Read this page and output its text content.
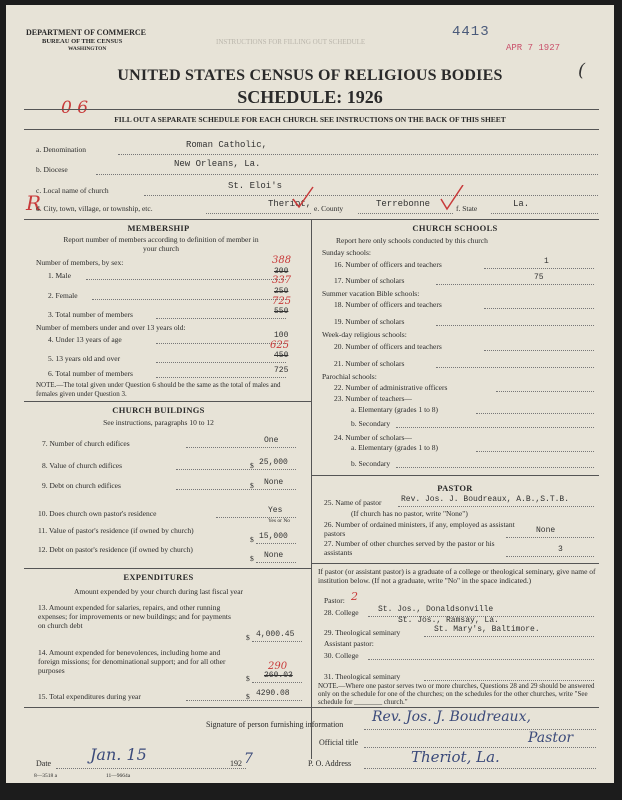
DEPARTMENT OF COMMERCE
BUREAU OF THE CENSUS
WASHINGTON
INSTRUCTIONS FOR FILLING OUT SCHEDULE
4413
APR 7 1927
(
UNITED STATES CENSUS OF RELIGIOUS BODIES
SCHEDULE: 1926
0 6
FILL OUT A SEPARATE SCHEDULE FOR EACH CHURCH. SEE INSTRUCTIONS ON THE BACK OF THIS SHEET
a. Denomination	Roman Catholic,
b. Diocese
New Orleans, La.
c. Local name of church	St. Eloi's
R
d. City, town, village, or township, etc.	Theriot, e. County	Terrebonne	f. State	La.
MEMBERSHIP
Report number of members according to definition of member in your church
Number of members, by sex:
1. Male	300
388
2. Female	250
337
3. Total number of members	550
725
Number of members under and over 13 years old:
4. Under 13 years of age	100
5. 13 years old and over	450
625
6. Total number of members	725
NOTE.—The total given under Question 6 should be the same as the total of males and females given under Question 3.
CHURCH BUILDINGS
See instructions, paragraphs 10 to 12
7. Number of church edifices	One
8. Value of church edifices	$ 25,000
9. Debt on church edifices	$ None
10. Does church own pastor's residence	Yes
Yes or No
11. Value of pastor's residence (if owned by church)
$ 15,000
12. Debt on pastor's residence (if owned by church)
$ None
EXPENDITURES
Amount expended by your church during last fiscal year
13. Amount expended for salaries, repairs, and other running expenses; for improvements or new buildings; and for payments on church debt
$ 4,000.45
14. Amount expended for benevolences, including home and foreign missions; for denominational support; and for all other purposes	290
$ 260.03
15. Total expenditures during year	$ 4290.08
CHURCH SCHOOLS
Report here only schools conducted by this church
Sunday schools:
16. Number of officers and teachers	1
17. Number of scholars	75
Summer vacation Bible schools:
18. Number of officers and teachers
19. Number of scholars
Week-day religious schools:
20. Number of officers and teachers
21. Number of scholars
Parochial schools:
22. Number of administrative officers
23. Number of teachers—
a. Elementary (grades 1 to 8)
b. Secondary
24. Number of scholars—
a. Elementary (grades 1 to 8)
b. Secondary
PASTOR
25. Name of pastor Rev. Jos. J. Boudreaux, A.B.,S.T.B.
(If church has no pastor, write "None")
26. Number of ordained ministers, if any, employed as assistant pastors	None
27. Number of other churches served by the pastor or his assistants	3
If pastor (or assistant pastor) is a graduate of a college or theological seminary, give name of institution below. (If not a graduate, write "No" in the space indicated.)
Pastor: 2
28. College St. Jos., Donaldsonville
St. Jos., Ramsay, La.
29. Theological seminary	St. Mary's, Baltimore.
Assistant pastor:
30. College
31. Theological seminary
NOTE.—Where one pastor serves two or more churches, Questions 28 and 29 should be answered only on the schedule for one of the churches; on the schedules for the other churches, write "See schedule for ________ church."
Signature of person furnishing information Rev. Jos. J. Boudreaux,
Official title	Pastor
Date Jan. 15	192 7	P. O. Address	Theriot, La.
8—3518 a	11—9664a
